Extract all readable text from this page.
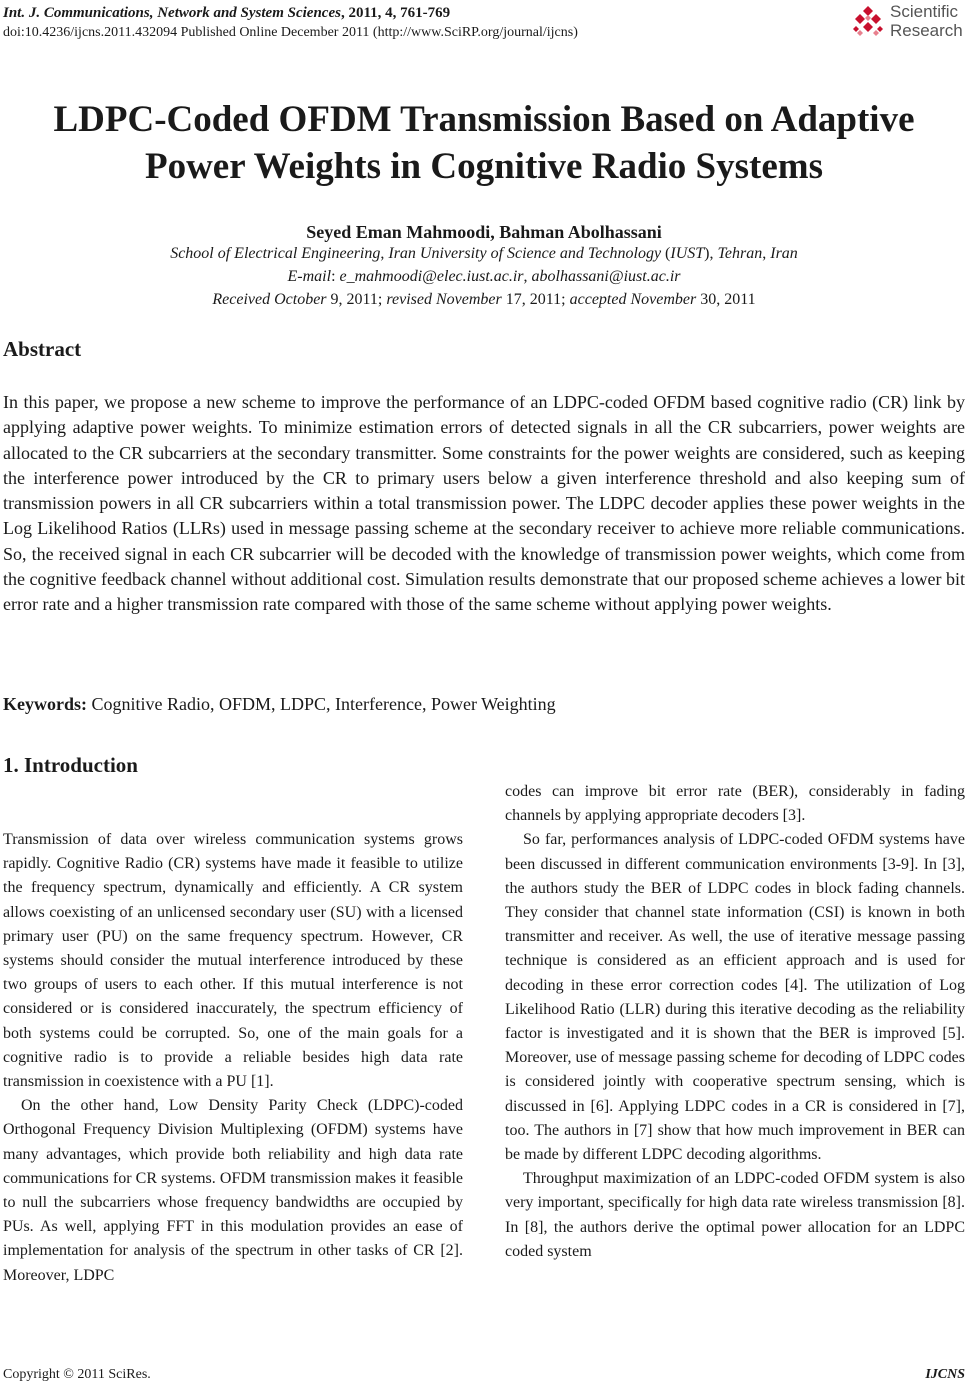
Int. J. Communications, Network and System Sciences, 2011, 4, 761-769
doi:10.4236/ijcns.2011.432094 Published Online December 2011 (http://www.SciRP.org/journal/ijcns)
Scientific
Research
LDPC-Coded OFDM Transmission Based on Adaptive
Power Weights in Cognitive Radio Systems
Seyed Eman Mahmoodi, Bahman Abolhassani
School of Electrical Engineering, Iran University of Science and Technology (IUST), Tehran, Iran
E-mail: e_mahmoodi@elec.iust.ac.ir, abolhassani@iust.ac.ir
Received October 9, 2011; revised November 17, 2011; accepted November 30, 2011
Abstract
In this paper, we propose a new scheme to improve the performance of an LDPC-coded OFDM based cognitive radio (CR) link by applying adaptive power weights. To minimize estimation errors of detected signals in all the CR subcarriers, power weights are allocated to the CR subcarriers at the secondary transmitter. Some constraints for the power weights are considered, such as keeping the interference power introduced by the CR to primary users below a given interference threshold and also keeping sum of transmission powers in all CR subcarriers within a total transmission power. The LDPC decoder applies these power weights in the Log Likelihood Ratios (LLRs) used in message passing scheme at the secondary receiver to achieve more reliable communications. So, the received signal in each CR subcarrier will be decoded with the knowledge of transmission power weights, which come from the cognitive feedback channel without additional cost. Simulation results demonstrate that our proposed scheme achieves a lower bit error rate and a higher transmission rate compared with those of the same scheme without applying power weights.
Keywords: Cognitive Radio, OFDM, LDPC, Interference, Power Weighting
1. Introduction

Transmission of data over wireless communication systems grows rapidly. Cognitive Radio (CR) systems have made it feasible to utilize the frequency spectrum, dynamically and efficiently. A CR system allows coexisting of an unlicensed secondary user (SU) with a licensed primary user (PU) on the same frequency spectrum. However, CR systems should consider the mutual interference introduced by these two groups of users to each other. If this mutual interference is not considered or is considered inaccurately, the spectrum efficiency of both systems could be corrupted. So, one of the main goals for a cognitive radio is to provide a reliable besides high data rate transmission in coexistence with a PU [1].

On the other hand, Low Density Parity Check (LDPC)-coded Orthogonal Frequency Division Multiplexing (OFDM) systems have many advantages, which provide both reliability and high data rate communications for CR systems. OFDM transmission makes it feasible to null the subcarriers whose frequency bandwidths are occupied by PUs. As well, applying FFT in this modulation provides an ease of implementation for analysis of the spectrum in other tasks of CR [2]. Moreover, LDPC

codes can improve bit error rate (BER), considerably in fading channels by applying appropriate decoders [3].

So far, performances analysis of LDPC-coded OFDM systems have been discussed in different communication environments [3-9]. In [3], the authors study the BER of LDPC codes in block fading channels. They consider that channel state information (CSI) is known in both transmitter and receiver. As well, the use of iterative message passing technique is considered as an efficient approach and is used for decoding in these error correction codes [4]. The utilization of Log Likelihood Ratio (LLR) during this iterative decoding as the reliability factor is investigated and it is shown that the BER is improved [5]. Moreover, use of message passing scheme for decoding of LDPC codes is considered jointly with cooperative spectrum sensing, which is discussed in [6]. Applying LDPC codes in a CR is considered in [7], too. The authors in [7] show that how much improvement in BER can be made by different LDPC decoding algorithms.

Throughput maximization of an LDPC-coded OFDM system is also very important, specifically for high data rate wireless transmission [8]. In [8], the authors derive the optimal power allocation for an LDPC coded system

Copyright © 2011 SciRes.	IJCNS
